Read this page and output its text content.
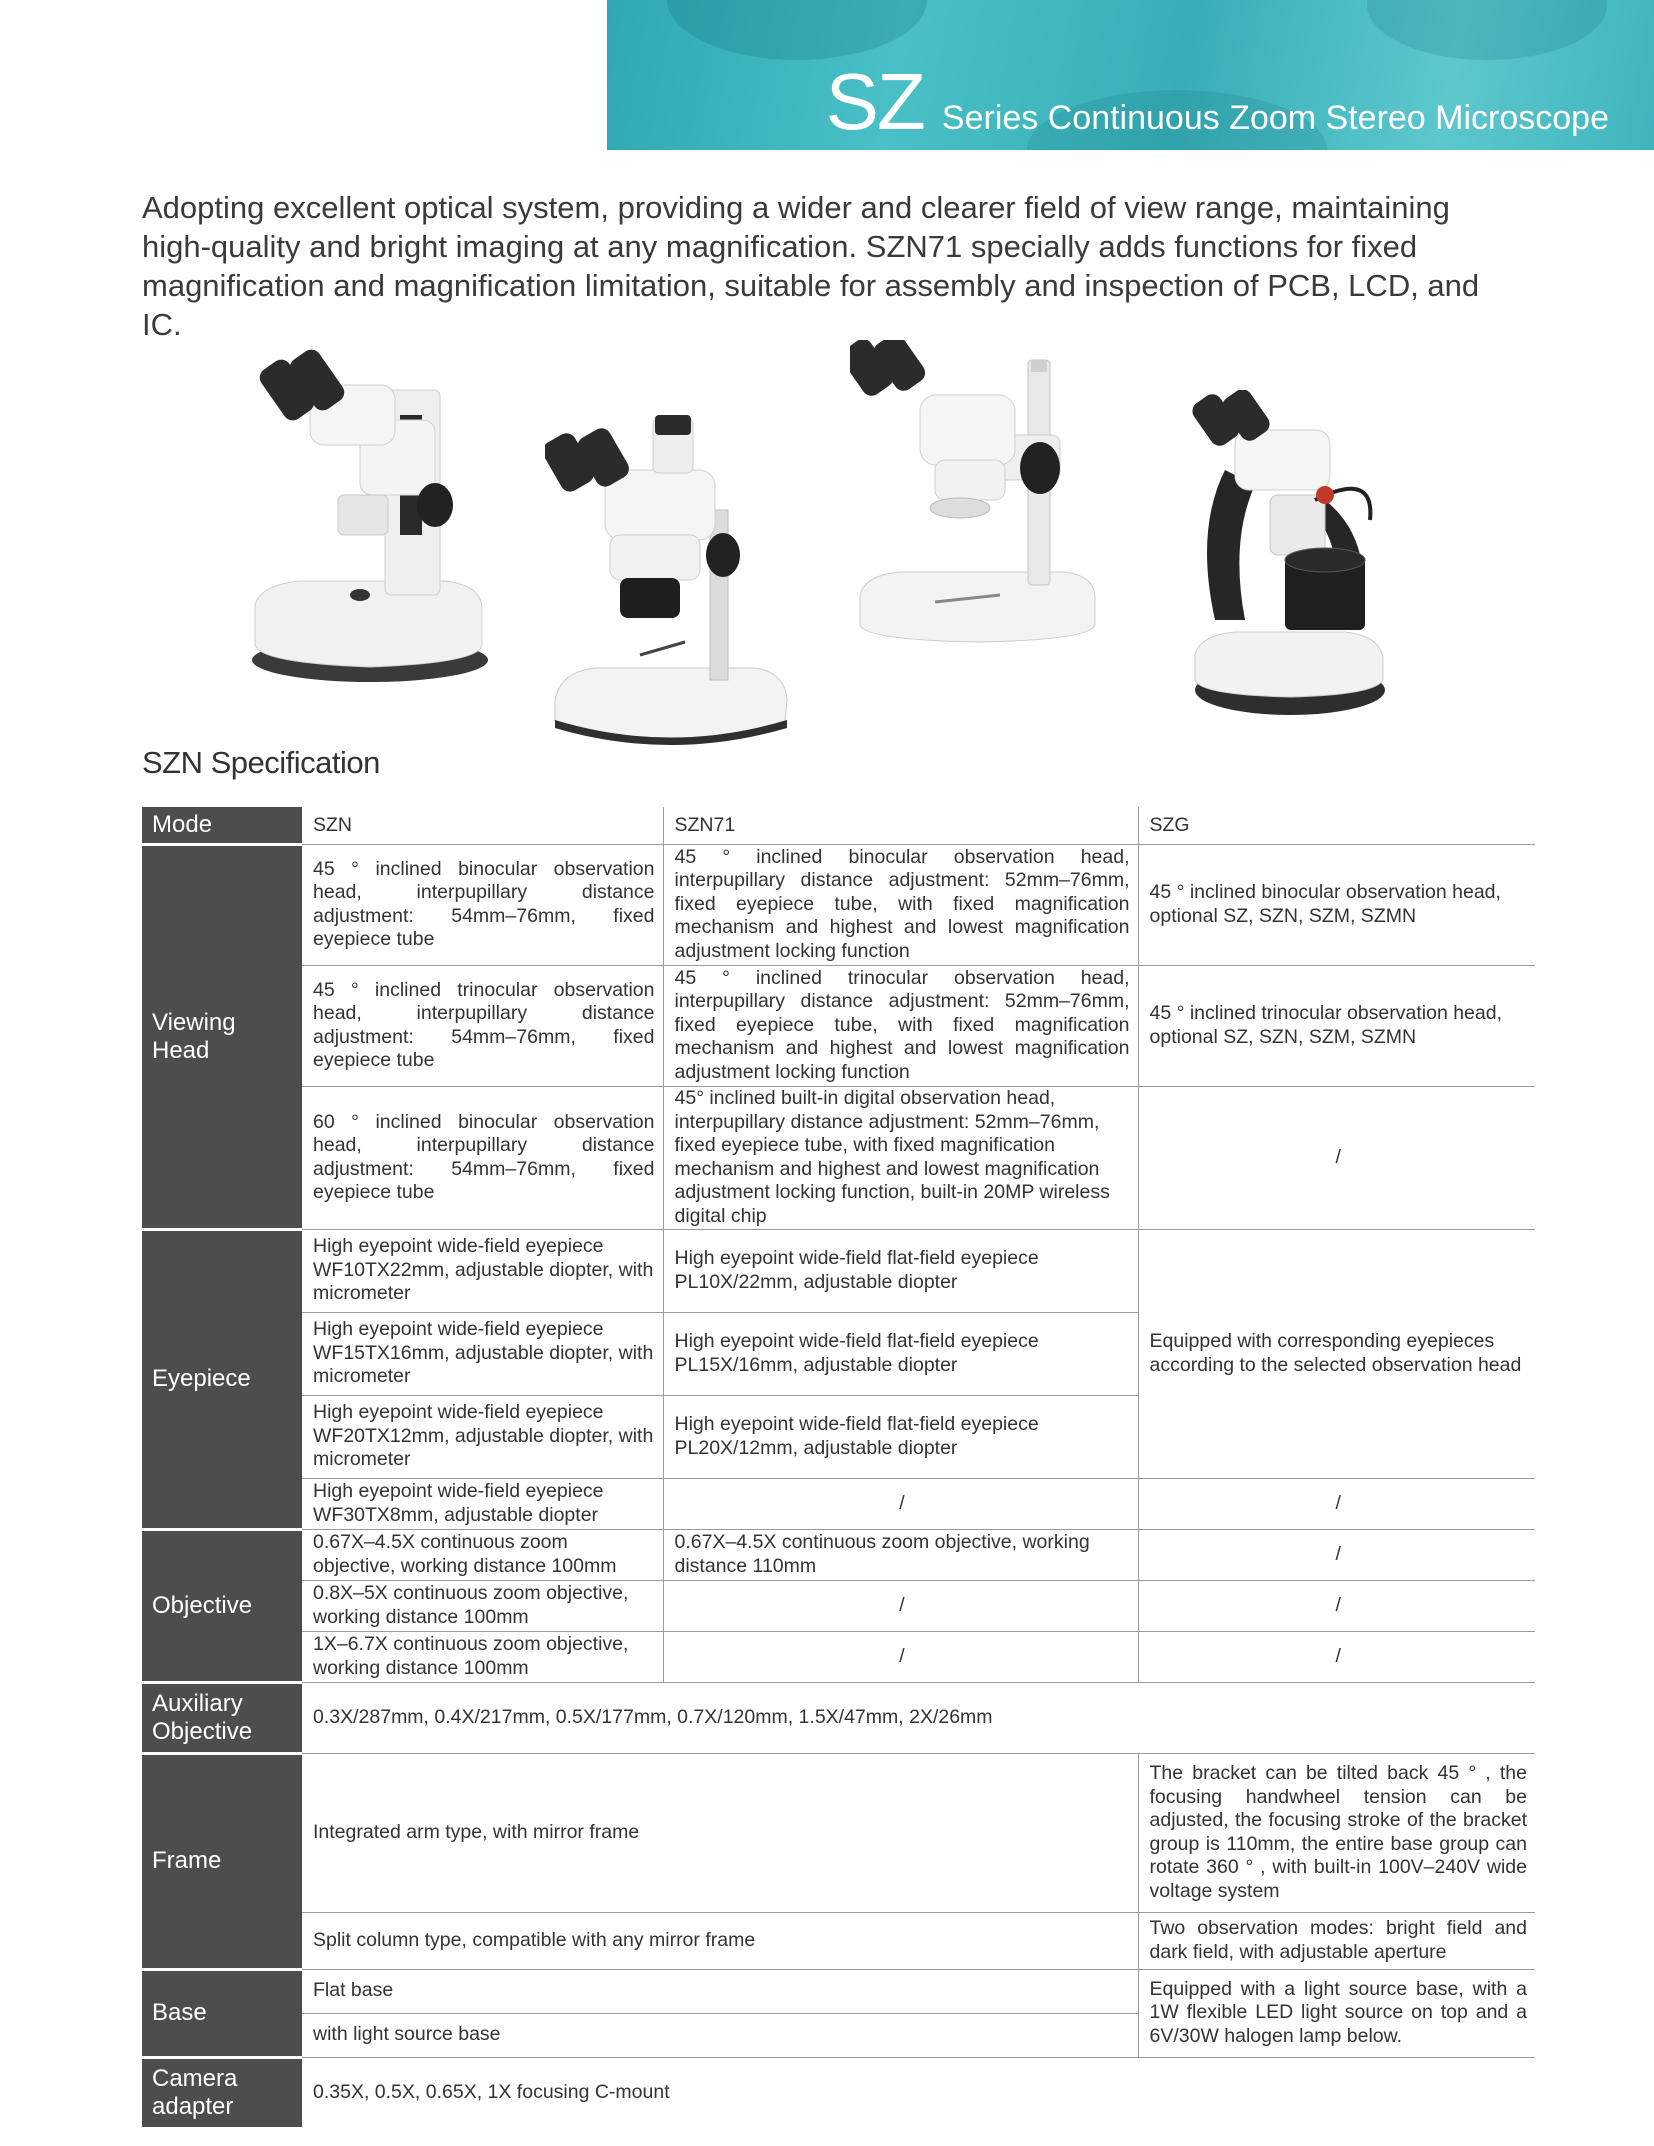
SZ Series Continuous Zoom Stereo Microscope
Adopting excellent optical system, providing a wider and clearer field of view range, maintaining high-quality and bright imaging at any magnification. SZN71 specially adds functions for fixed magnification and magnification limitation, suitable for assembly and inspection of PCB, LCD, and IC.
SZN Specification
Mode	SZN	SZN71	SZG
Viewing Head	45 ° inclined binocular observation head, interpupillary distance adjustment: 54mm–76mm, fixed eyepiece tube	45 ° inclined binocular observation head, interpupillary distance adjustment: 52mm–76mm, fixed eyepiece tube, with fixed magnification mechanism and highest and lowest magnification adjustment locking function	45 ° inclined binocular observation head, optional SZ, SZN, SZM, SZMN
	45 ° inclined trinocular observation head, interpupillary distance adjustment: 54mm–76mm, fixed eyepiece tube	45 ° inclined trinocular observation head, interpupillary distance adjustment: 52mm–76mm, fixed eyepiece tube, with fixed magnification mechanism and highest and lowest magnification adjustment locking function	45 ° inclined trinocular observation head, optional SZ, SZN, SZM, SZMN
	60 ° inclined binocular observation head, interpupillary distance adjustment: 54mm–76mm, fixed eyepiece tube	45° inclined built-in digital observation head, interpupillary distance adjustment: 52mm–76mm, fixed eyepiece tube, with fixed magnification mechanism and highest and lowest magnification adjustment locking function, built-in 20MP wireless digital chip	/
Eyepiece	High eyepoint wide-field eyepiece WF10TX22mm, adjustable diopter, with micrometer	High eyepoint wide-field flat-field eyepiece PL10X/22mm, adjustable diopter	Equipped with corresponding eyepieces according to the selected observation head
	High eyepoint wide-field eyepiece WF15TX16mm, adjustable diopter, with micrometer	High eyepoint wide-field flat-field eyepiece PL15X/16mm, adjustable diopter	
	High eyepoint wide-field eyepiece WF20TX12mm, adjustable diopter, with micrometer	High eyepoint wide-field flat-field eyepiece PL20X/12mm, adjustable diopter	
	High eyepoint wide-field eyepiece WF30TX8mm, adjustable diopter	/	/
Objective	0.67X–4.5X continuous zoom objective, working distance 100mm	0.67X–4.5X continuous zoom objective, working distance 110mm	/
	0.8X–5X continuous zoom objective, working distance 100mm	/	/
	1X–6.7X continuous zoom objective, working distance 100mm	/	/
Auxiliary Objective	0.3X/287mm, 0.4X/217mm, 0.5X/177mm, 0.7X/120mm, 1.5X/47mm, 2X/26mm		
Frame	Integrated arm type, with mirror frame		The bracket can be tilted back 45 ° , the focusing handwheel tension can be adjusted, the focusing stroke of the bracket group is 110mm, the entire base group can rotate 360 ° , with built-in 100V–240V wide voltage system
	Split column type, compatible with any mirror frame		Two observation modes: bright field and dark field, with adjustable aperture
Base	Flat base		Equipped with a light source base, with a 1W flexible LED light source on top and a 6V/30W halogen lamp below.
	with light source base		
Camera adapter	0.35X, 0.5X, 0.65X, 1X focusing C-mount		
